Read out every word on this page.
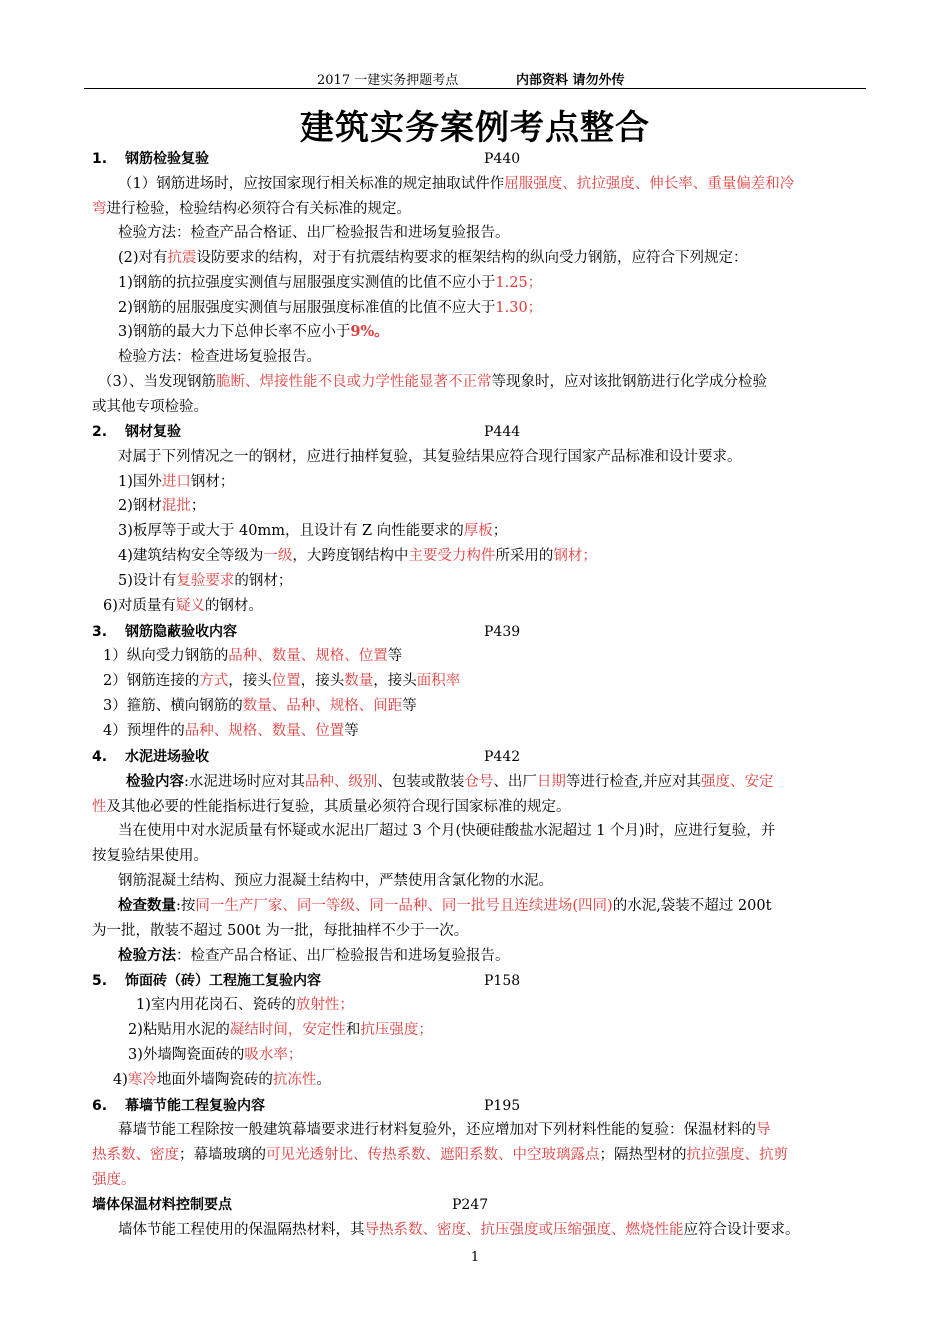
2017 一建实务押题考点	内部资料 请勿外传
建筑实务案例考点整合
1. 钢筋检验复验	P440
（1）钢筋进场时，应按国家现行相关标准的规定抽取试件作屈服强度、抗拉强度、伸长率、重量偏差和冷
弯进行检验，检验结构必须符合有关标准的规定。
检验方法：检查产品合格证、出厂检验报告和进场复验报告。
(2)对有抗震设防要求的结构，对于有抗震结构要求的框架结构的纵向受力钢筋，应符合下列规定：
1)钢筋的抗拉强度实测值与屈服强度实测值的比值不应小于1.25；
2)钢筋的屈服强度实测值与屈服强度标准值的比值不应大于1.30；
3)钢筋的最大力下总伸长率不应小于9%。
检验方法：检查进场复验报告。
（3）、当发现钢筋脆断、焊接性能不良或力学性能显著不正常等现象时，应对该批钢筋进行化学成分检验
或其他专项检验。
2. 钢材复验	P444
对属于下列情况之一的钢材，应进行抽样复验，其复验结果应符合现行国家产品标准和设计要求。
1)国外进口钢材；
2)钢材混批；
3)板厚等于或大于 40mm，且设计有 Z 向性能要求的厚板；
4)建筑结构安全等级为一级，大跨度钢结构中主要受力构件所采用的钢材；
5)设计有复验要求的钢材；
6)对质量有疑义的钢材。
3. 钢筋隐蔽验收内容	P439
1）纵向受力钢筋的品种、数量、规格、位置等
2）钢筋连接的方式，接头位置，接头数量，接头面积率
3）箍筋、横向钢筋的数量、品种、规格、间距等
4）预埋件的品种、规格、数量、位置等
4. 水泥进场验收	P442
检验内容:水泥进场时应对其品种、级别、包装或散装仓号、出厂日期等进行检查,并应对其强度、安定
性及其他必要的性能指标进行复验，其质量必须符合现行国家标准的规定。
当在使用中对水泥质量有怀疑或水泥出厂超过 3 个月(快硬硅酸盐水泥超过 1 个月)时，应进行复验，并
按复验结果使用。
钢筋混凝土结构、预应力混凝土结构中，严禁使用含氯化物的水泥。
检查数量:按同一生产厂家、同一等级、同一品种、同一批号且连续进场(四同)的水泥,袋装不超过 200t
为一批，散装不超过 500t 为一批，每批抽样不少于一次。
检验方法：检查产品合格证、出厂检验报告和进场复验报告。
5. 饰面砖（砖）工程施工复验内容	P158
1)室内用花岗石、瓷砖的放射性；
2)粘贴用水泥的凝结时间，安定性和抗压强度；
3)外墙陶瓷面砖的吸水率；
4)寒冷地面外墙陶瓷砖的抗冻性。
6. 幕墙节能工程复验内容	P195
幕墙节能工程除按一般建筑幕墙要求进行材料复验外，还应增加对下列材料性能的复验：保温材料的导
热系数、密度；幕墙玻璃的可见光透射比、传热系数、遮阳系数、中空玻璃露点；隔热型材的抗拉强度、抗剪
强度。
墙体保温材料控制要点	P247
墙体节能工程使用的保温隔热材料，其导热系数、密度、抗压强度或压缩强度、燃烧性能应符合设计要求。
1
